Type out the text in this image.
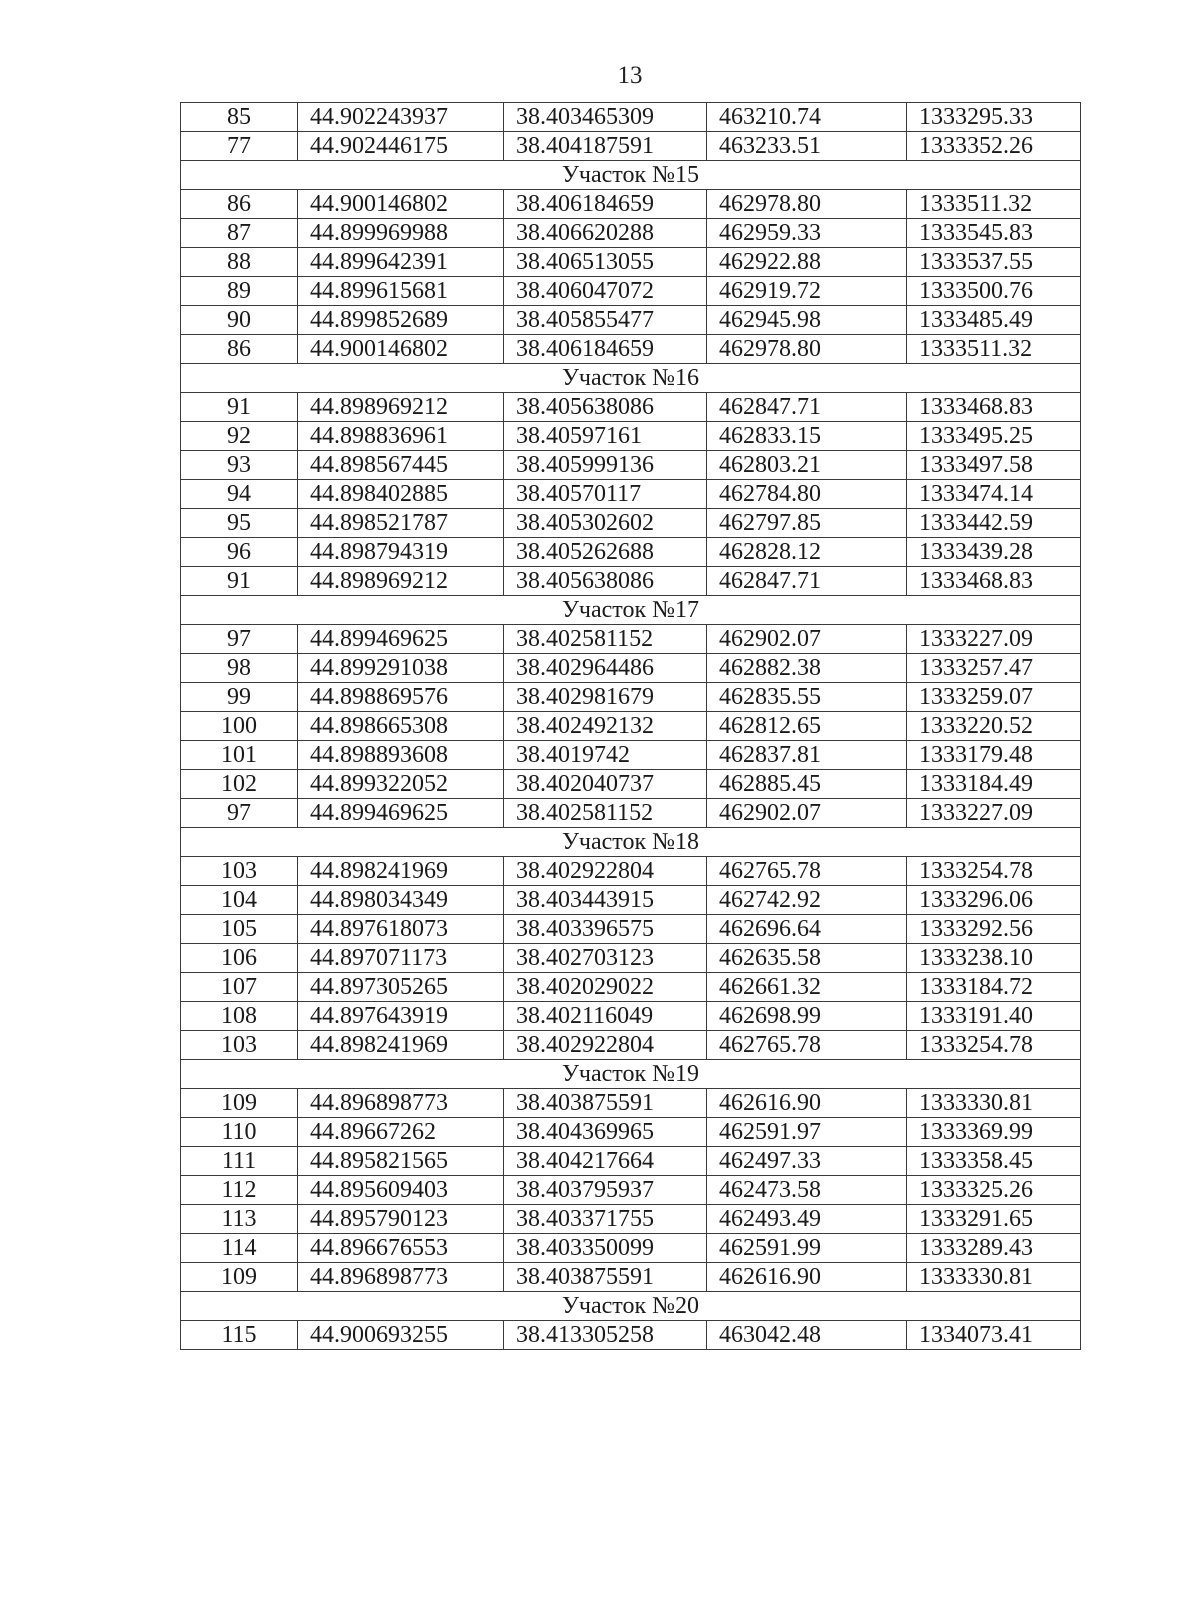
13
85	44.902243937	38.403465309	463210.74	1333295.33
77	44.902446175	38.404187591	463233.51	1333352.26
Участок №15				
86	44.900146802	38.406184659	462978.80	1333511.32
87	44.899969988	38.406620288	462959.33	1333545.83
88	44.899642391	38.406513055	462922.88	1333537.55
89	44.899615681	38.406047072	462919.72	1333500.76
90	44.899852689	38.405855477	462945.98	1333485.49
86	44.900146802	38.406184659	462978.80	1333511.32
Участок №16				
91	44.898969212	38.405638086	462847.71	1333468.83
92	44.898836961	38.40597161	462833.15	1333495.25
93	44.898567445	38.405999136	462803.21	1333497.58
94	44.898402885	38.40570117	462784.80	1333474.14
95	44.898521787	38.405302602	462797.85	1333442.59
96	44.898794319	38.405262688	462828.12	1333439.28
91	44.898969212	38.405638086	462847.71	1333468.83
Участок №17				
97	44.899469625	38.402581152	462902.07	1333227.09
98	44.899291038	38.402964486	462882.38	1333257.47
99	44.898869576	38.402981679	462835.55	1333259.07
100	44.898665308	38.402492132	462812.65	1333220.52
101	44.898893608	38.4019742	462837.81	1333179.48
102	44.899322052	38.402040737	462885.45	1333184.49
97	44.899469625	38.402581152	462902.07	1333227.09
Участок №18				
103	44.898241969	38.402922804	462765.78	1333254.78
104	44.898034349	38.403443915	462742.92	1333296.06
105	44.897618073	38.403396575	462696.64	1333292.56
106	44.897071173	38.402703123	462635.58	1333238.10
107	44.897305265	38.402029022	462661.32	1333184.72
108	44.897643919	38.402116049	462698.99	1333191.40
103	44.898241969	38.402922804	462765.78	1333254.78
Участок №19				
109	44.896898773	38.403875591	462616.90	1333330.81
110	44.89667262	38.404369965	462591.97	1333369.99
111	44.895821565	38.404217664	462497.33	1333358.45
112	44.895609403	38.403795937	462473.58	1333325.26
113	44.895790123	38.403371755	462493.49	1333291.65
114	44.896676553	38.403350099	462591.99	1333289.43
109	44.896898773	38.403875591	462616.90	1333330.81
Участок №20				
115	44.900693255	38.413305258	463042.48	1334073.41
